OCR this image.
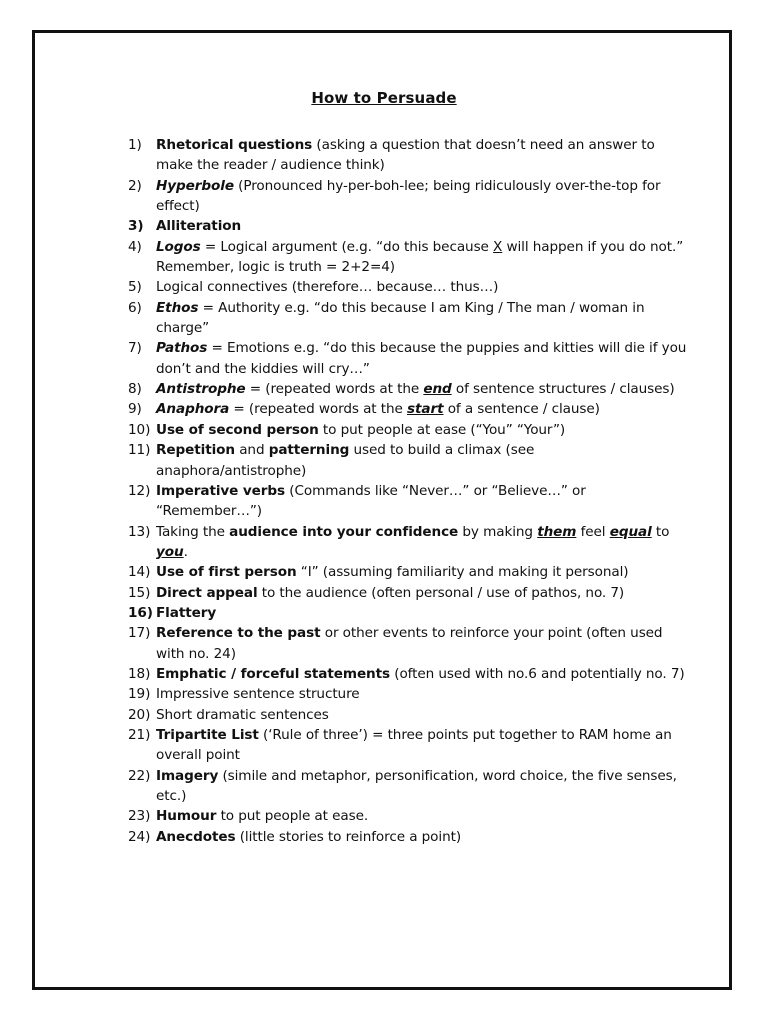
How to Persuade
1)	Rhetorical questions (asking a question that doesn’t need an answer to make the reader / audience think)
2)	Hyperbole (Pronounced hy-per-boh-lee; being ridiculously over-the-top for effect)
3) Alliteration
4)	Logos = Logical argument (e.g. “do this because X will happen if you do not.” Remember, logic is truth = 2+2=4)
5)	Logical connectives (therefore… because… thus…)
6)	Ethos = Authority e.g. “do this because I am King / The man / woman in charge”
7)	Pathos = Emotions e.g. “do this because the puppies and kitties will die if you don’t and the kiddies will cry…”
8)	Antistrophe = (repeated words at the end of sentence structures / clauses)
9)	Anaphora = (repeated words at the start of a sentence / clause)
10) Use of second person to put people at ease (“You” “Your”)
11) Repetition and patterning used to build a climax (see anaphora/antistrophe)
12) Imperative verbs (Commands like “Never…” or “Believe…” or “Remember…”)
13) Taking the audience into your confidence by making them feel equal to you.
14) Use of first person “I” (assuming familiarity and making it personal)
15) Direct appeal to the audience (often personal / use of pathos, no. 7)
16) Flattery
17) Reference to the past or other events to reinforce your point (often used with no. 24)
18) Emphatic / forceful statements (often used with no.6 and potentially no. 7)
19) Impressive sentence structure
20) Short dramatic sentences
21) Tripartite List (‘Rule of three’) = three points put together to RAM home an overall point
22) Imagery (simile and metaphor, personification, word choice, the five senses, etc.)
23) Humour to put people at ease.
24) Anecdotes (little stories to reinforce a point)
